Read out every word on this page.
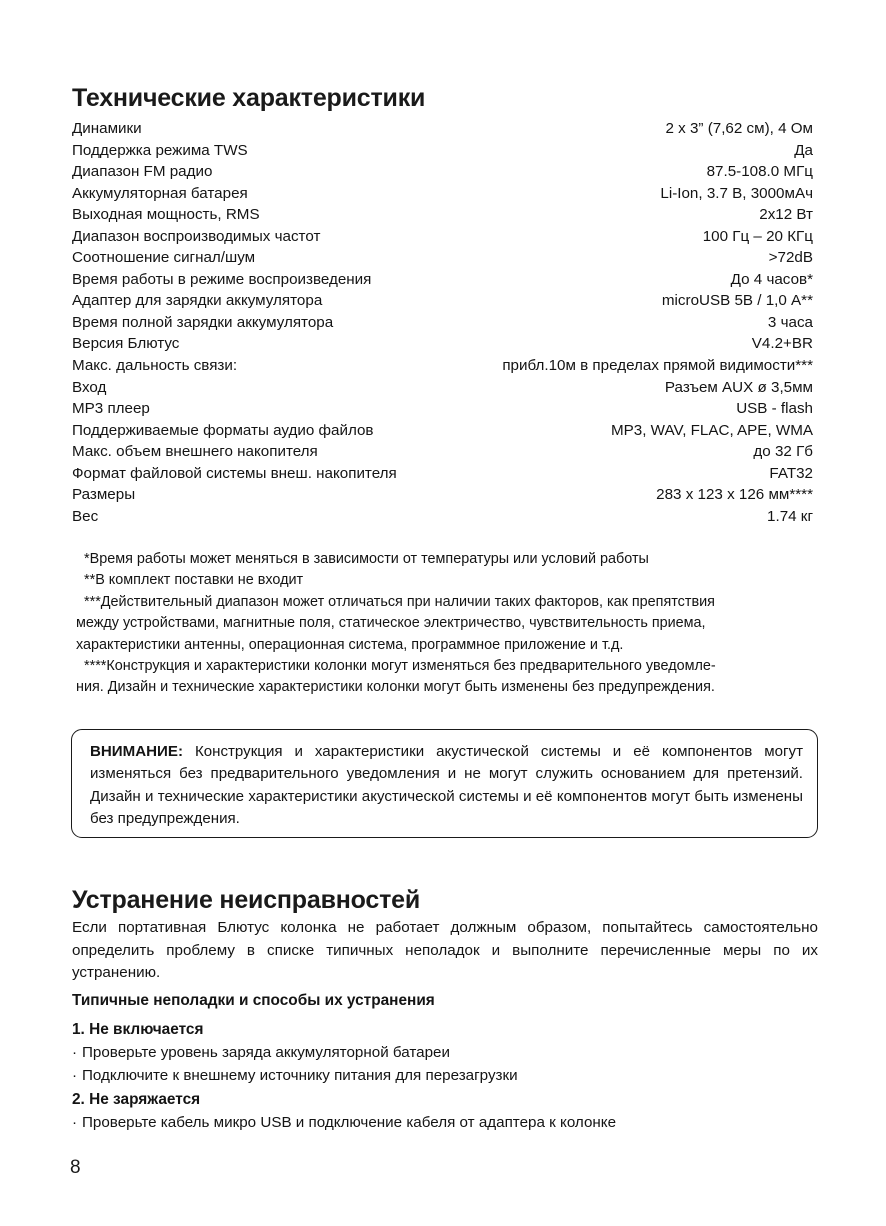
Технические характеристики
Динамики	2 x 3” (7,62 см), 4 Ом
Поддержка режима TWS	Да
Диапазон FM радио	87.5-108.0 МГц
Аккумуляторная батарея	Li-Ion, 3.7 В, 3000мАч
Выходная мощность, RMS	2х12 Вт
Диапазон воспроизводимых частот	100 Гц – 20 КГц
Соотношение сигнал/шум	>72dB
Время работы в режиме воспроизведения	До 4 часов*
Адаптер для зарядки аккумулятора	microUSB 5В / 1,0 А**
Время полной зарядки аккумулятора	3 часа
Версия Блютус	V4.2+BR
Макс. дальность связи:	прибл.10м в пределах прямой видимости***
Вход	Разъем AUX ø 3,5мм
MP3 плеер	USB - flash
Поддерживаемые форматы аудио файлов	MP3, WAV, FLAC, APE, WMA
Макс. объем внешнего накопителя	до 32 Гб
Формат файловой системы внеш. накопителя	FAT32
Размеры	283 х 123 х 126 мм****
Вес	1.74 кг
*Время работы может меняться в зависимости от температуры или условий работы
**В комплект поставки не входит
***Действительный диапазон может отличаться при наличии таких факторов, как препятствия
между устройствами, магнитные поля, статическое электричество, чувствительность приема,
характеристики антенны, операционная система, программное приложение и т.д.
****Конструкция и характеристики колонки могут изменяться без предварительного уведомле-
ния. Дизайн и технические характеристики колонки могут быть изменены без предупреждения.
ВНИМАНИЕ: Конструкция и характеристики акустической системы и её компонентов могут изменяться без предварительного уведомления и не могут служить основанием для претензий. Дизайн и технические характеристики акустической системы и её компонентов могут быть изменены без предупреждения.
Устранение неисправностей
Если портативная Блютус колонка не работает должным образом, попытайтесь самостоятельно определить проблему в списке типичных неполадок и выполните перечисленные меры по их устранению.
Типичные неполадки и способы их устранения
1. Не включается
· Проверьте уровень заряда аккумуляторной батареи
· Подключите к внешнему источнику питания для перезагрузки
2. Не заряжается
· Проверьте кабель микро USB и подключение кабеля от адаптера к колонке
8
